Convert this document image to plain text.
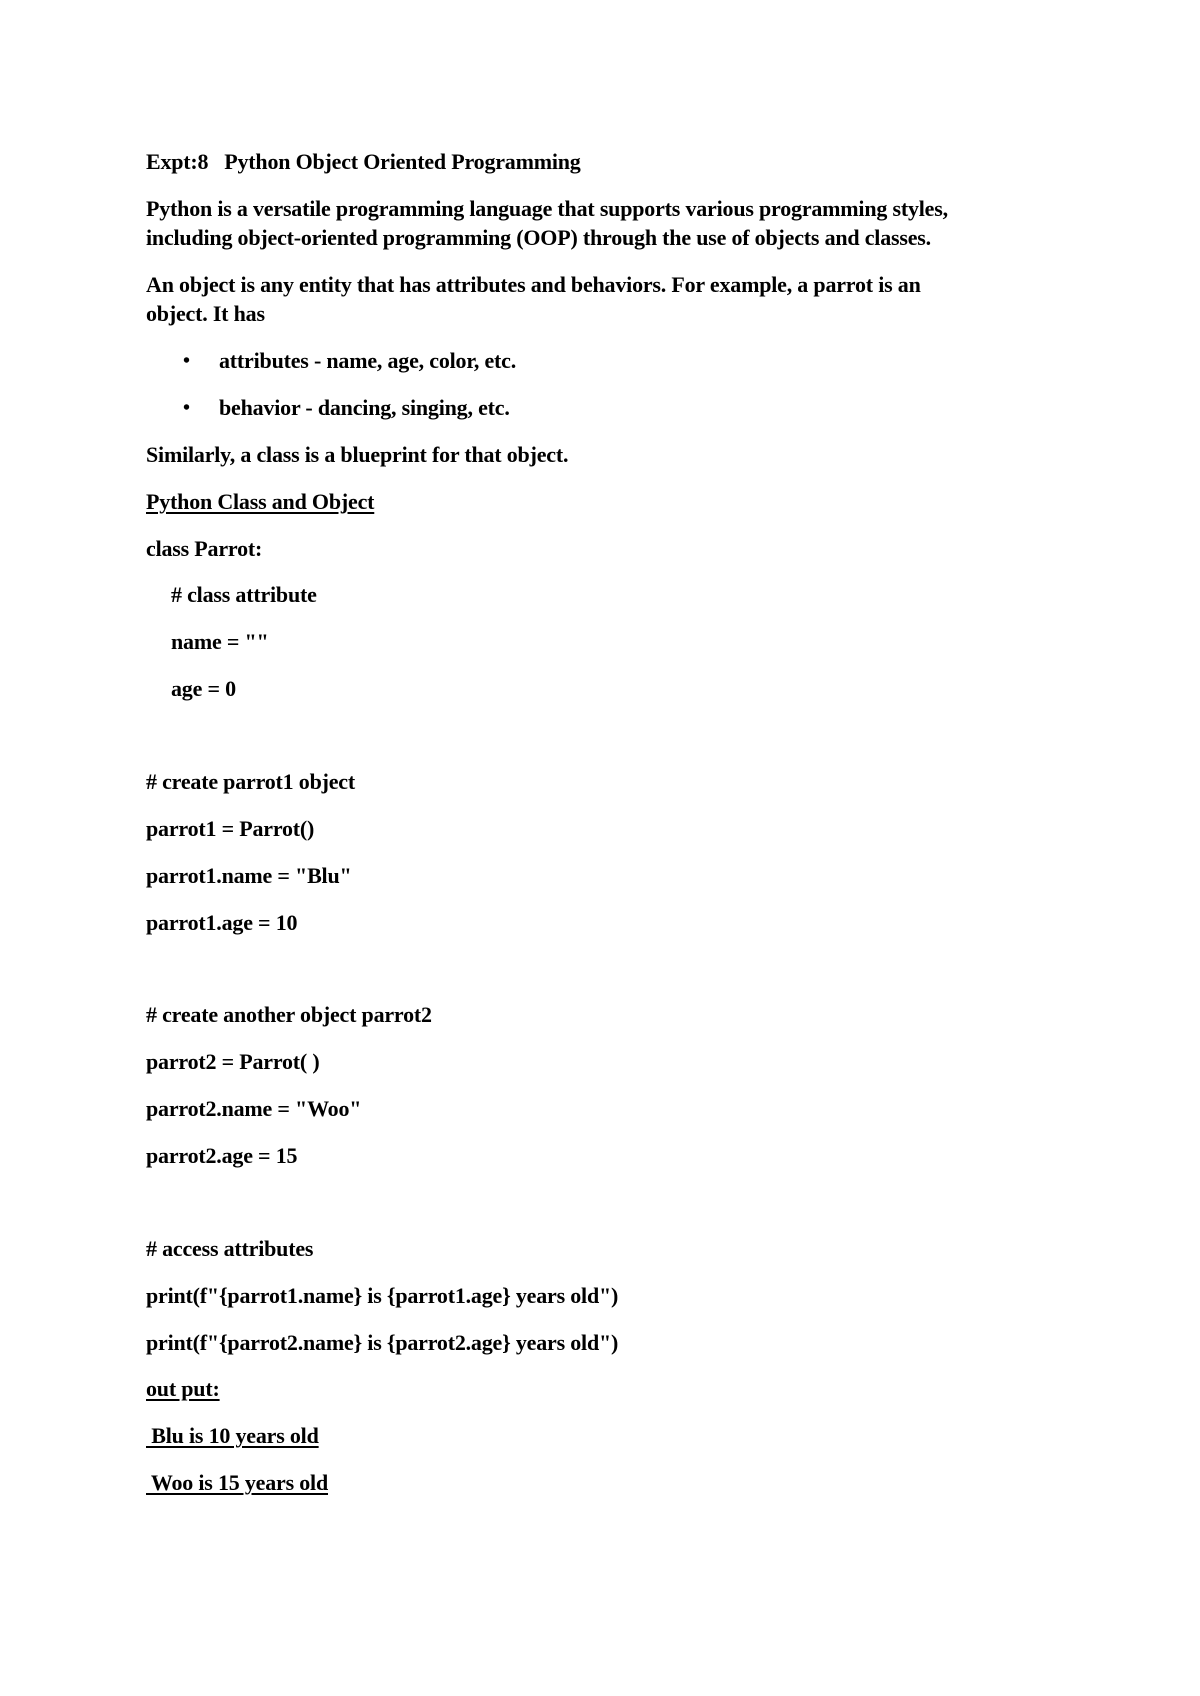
Expt:8   Python Object Oriented Programming
Python is a versatile programming language that supports various programming styles,
including object-oriented programming (OOP) through the use of objects and classes.
An object is any entity that has attributes and behaviors. For example, a parrot is an
object. It has
• attributes - name, age, color, etc.
• behavior - dancing, singing, etc.
Similarly, a class is a blueprint for that object.
Python Class and Object
class Parrot:
# class attribute
name = ""
age = 0
# create parrot1 object
parrot1 = Parrot()
parrot1.name = "Blu"
parrot1.age = 10
# create another object parrot2
parrot2 = Parrot( )
parrot2.name = "Woo"
parrot2.age = 15
# access attributes
print(f"{parrot1.name} is {parrot1.age} years old")
print(f"{parrot2.name} is {parrot2.age} years old")
out put:
Blu is 10 years old
Woo is 15 years old
